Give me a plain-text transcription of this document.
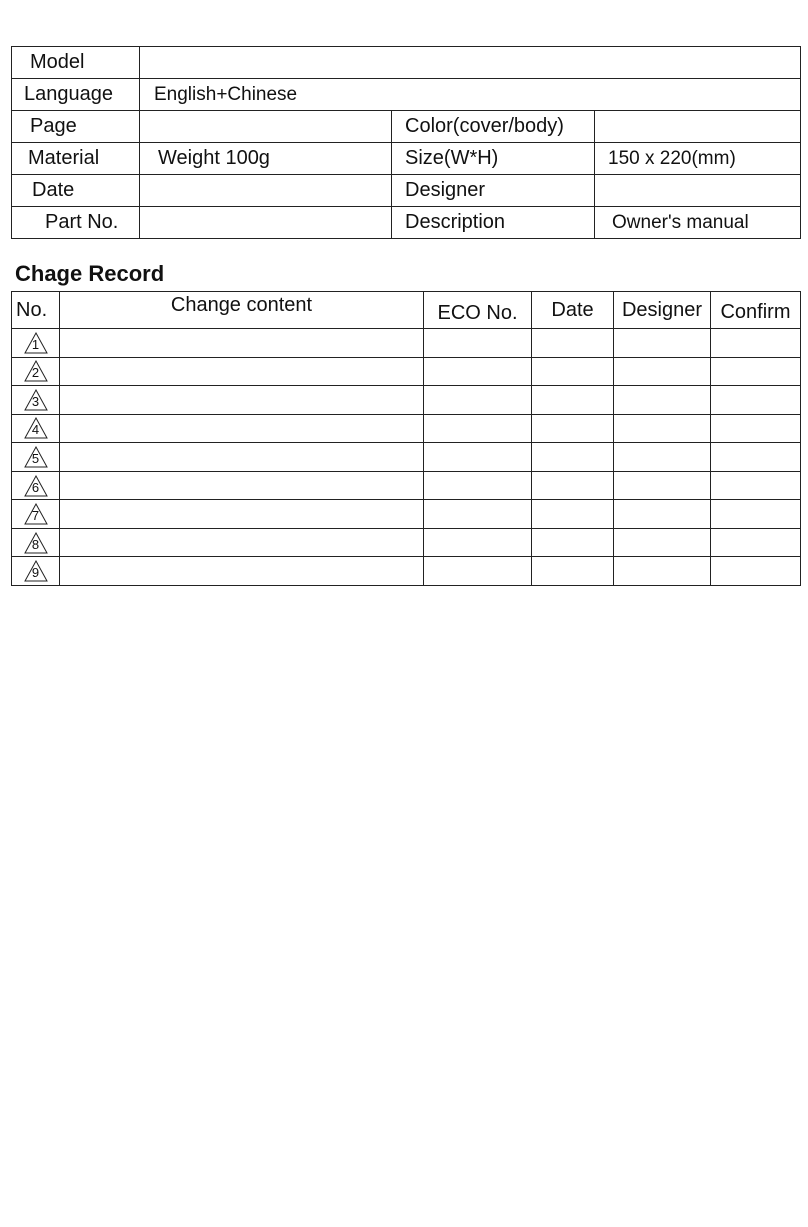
Model			
Language	English+Chinese		
Page		Color(cover/body)	
Material	Weight 100g	Size(W*H)	150 x 220(mm)
Date		Designer	
Part No.		Description	Owner's manual
Chage Record
No.	Change content	ECO No.	Date	Designer	Confirm

1					

2					

3					

4					

5					

6					

7					

8					

9					
